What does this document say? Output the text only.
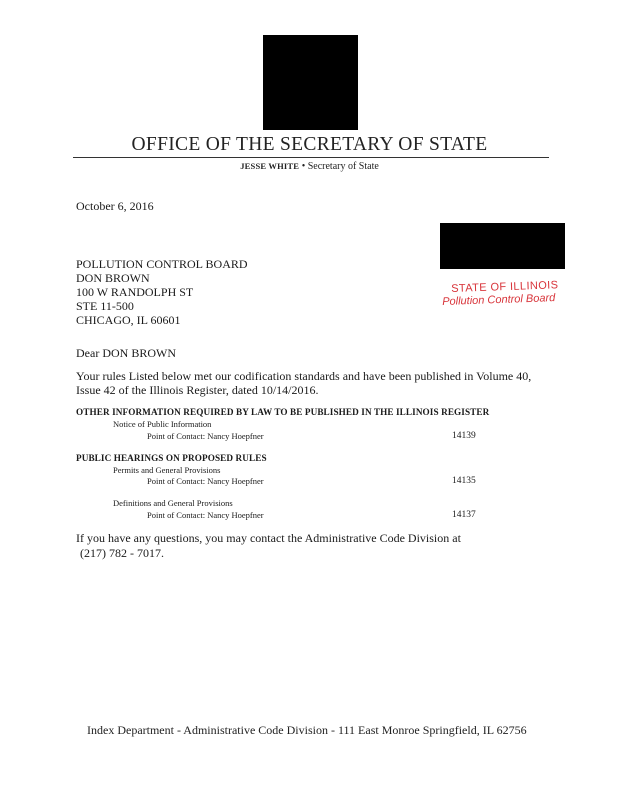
OFFICE OF THE SECRETARY OF STATE
JESSE WHITE • Secretary of State
October 6, 2016
POLLUTION CONTROL BOARD
DON BROWN
100 W RANDOLPH ST
STE 11-500
CHICAGO, IL 60601
STATE OF ILLINOIS
Pollution Control Board
Dear DON BROWN
Your rules Listed below met our codification standards and have been published in Volume 40,
Issue 42 of the Illinois Register, dated 10/14/2016.
OTHER INFORMATION REQUIRED BY LAW TO BE PUBLISHED IN THE ILLINOIS REGISTER
Notice of Public Information
Point of Contact: Nancy Hoepfner	14139
PUBLIC HEARINGS ON PROPOSED RULES
Permits and General Provisions
Point of Contact: Nancy Hoepfner	14135
Definitions and General Provisions
Point of Contact: Nancy Hoepfner	14137
If you have any questions, you may contact the Administrative Code Division at
(217) 782 - 7017.
Index Department - Administrative Code Division - 111 East Monroe Springfield, IL 62756
